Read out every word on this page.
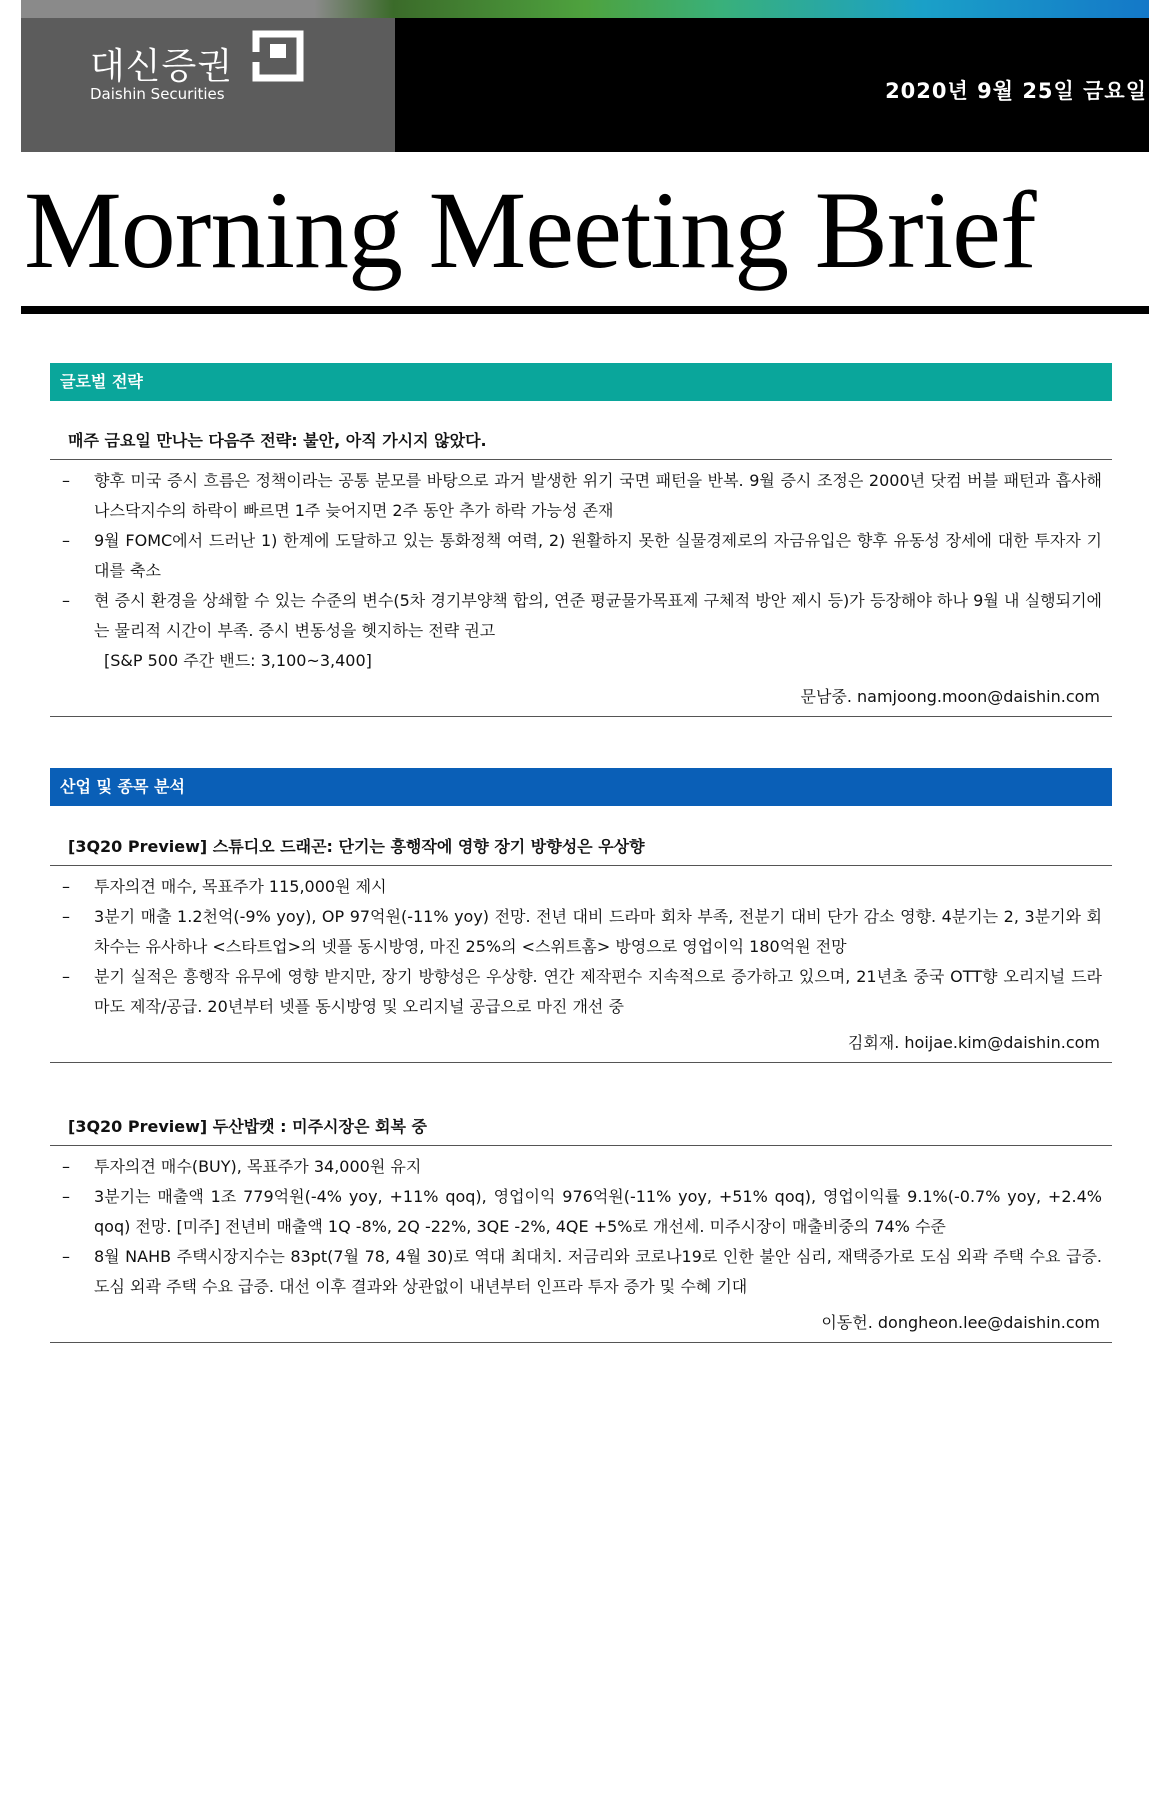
대신증권
Daishin Securities	2020년 9월 25일 금요일
Morning Meeting Brief
글로벌 전략
매주 금요일 만나는 다음주 전략: 불안, 아직 가시지 않았다.
– 향후 미국 증시 흐름은 정책이라는 공통 분모를 바탕으로 과거 발생한 위기 국면 패턴을 반복. 9월 증시 조정은 2000년 닷컴 버블 패턴과 흡사해 나스닥지수의 하락이 빠르면 1주 늦어지면 2주 동안 추가 하락 가능성 존재
– 9월 FOMC에서 드러난 1) 한계에 도달하고 있는 통화정책 여력, 2) 원활하지 못한 실물경제로의 자금유입은 향후 유동성 장세에 대한 투자자 기대를 축소
– 현 증시 환경을 상쇄할 수 있는 수준의 변수(5차 경기부양책 합의, 연준 평균물가목표제 구체적 방안 제시 등)가 등장해야 하나 9월 내 실행되기에는 물리적 시간이 부족. 증시 변동성을 헷지하는 전략 권고
[S&P 500 주간 밴드: 3,100~3,400]
문남중. namjoong.moon@daishin.com
산업 및 종목 분석
[3Q20 Preview] 스튜디오 드래곤: 단기는 흥행작에 영향 장기 방향성은 우상향
– 투자의견 매수, 목표주가 115,000원 제시
– 3분기 매출 1.2천억(-9% yoy), OP 97억원(-11% yoy) 전망. 전년 대비 드라마 회차 부족, 전분기 대비 단가 감소 영향. 4분기는 2, 3분기와 회차수는 유사하나 <스타트업>의 넷플 동시방영, 마진 25%의 <스위트홈> 방영으로 영업이익 180억원 전망
– 분기 실적은 흥행작 유무에 영향 받지만, 장기 방향성은 우상향. 연간 제작편수 지속적으로 증가하고 있으며, 21년초 중국 OTT향 오리지널 드라마도 제작/공급. 20년부터 넷플 동시방영 및 오리지널 공급으로 마진 개선 중
김회재. hoijae.kim@daishin.com
[3Q20 Preview] 두산밥캣 : 미주시장은 회복 중
– 투자의견 매수(BUY), 목표주가 34,000원 유지
– 3분기는 매출액 1조 779억원(-4% yoy, +11% qoq), 영업이익 976억원(-11% yoy, +51% qoq), 영업이익률 9.1%(-0.7% yoy, +2.4% qoq) 전망. [미주] 전년비 매출액 1Q -8%, 2Q -22%, 3QE -2%, 4QE +5%로 개선세. 미주시장이 매출비중의 74% 수준
– 8월 NAHB 주택시장지수는 83pt(7월 78, 4월 30)로 역대 최대치. 저금리와 코로나19로 인한 불안 심리, 재택증가로 도심 외곽 주택 수요 급증. 도심 외곽 주택 수요 급증. 대선 이후 결과와 상관없이 내년부터 인프라 투자 증가 및 수혜 기대
이동헌. dongheon.lee@daishin.com
